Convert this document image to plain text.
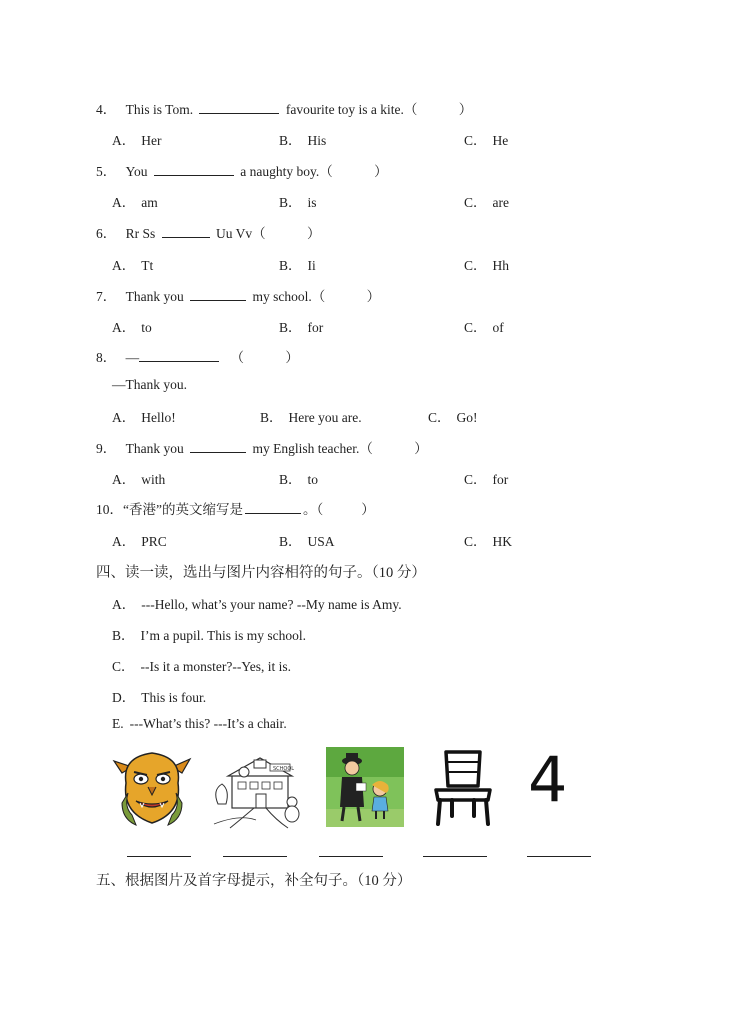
4． This is Tom.	favourite toy is a kite.（	）
A． Her	B． His	C． He
5． You	a naughty boy.（	）
A． am	B． is	C． are
6． Rr Ss	Uu Vv（	）
A． Tt	B． Ii	C． Hh
7． Thank you	my school.（	）
A． to	B． for	C． of
8． —	（	）
—Thank you.
A． Hello!	B． Here you are.	C． Go!
9． Thank you	my English teacher.（	）
A． with	B． to	C． for
10．“香港”的英文缩写是	。（	）
A． PRC	B． USA	C． HK
四、读一读，选出与图片内容相符的句子。（10 分）
A． ---Hello, what’s your name? --My name is Amy.
B． I’m a pupil. This is my school.
C． --Is it a monster?--Yes, it is.
D． This is four.
E. ---What’s this? ---It’s a chair.
SCHOOL	4
五、根据图片及首字母提示，补全句子。（10 分）
